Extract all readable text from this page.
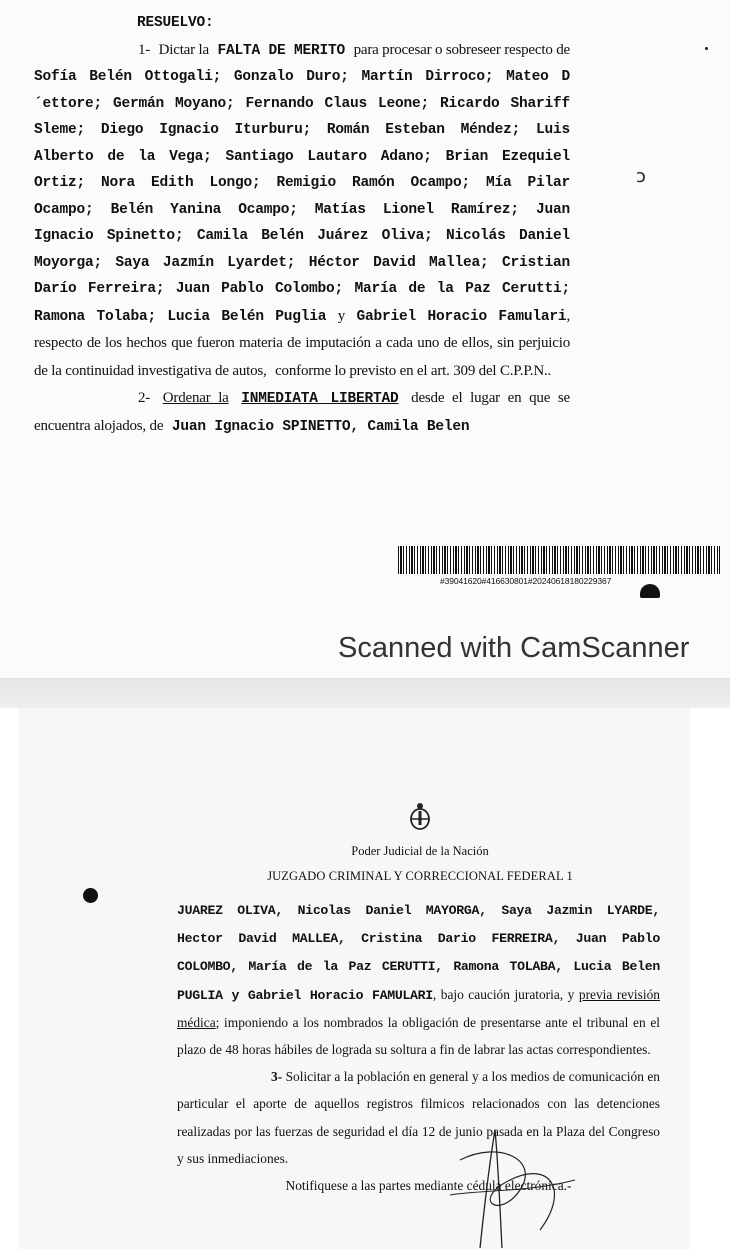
ↄ
RESUELVO:
1- Dictar la FALTA DE MERITO para procesar o sobreseer respecto de Sofía Belén Ottogali; Gonzalo Duro; Martín Dirroco; Mateo D´ettore; Germán Moyano; Fernando Claus Leone; Ricardo Shariff Sleme; Diego Ignacio Iturburu; Román Esteban Méndez; Luis Alberto de la Vega; Santiago Lautaro Adano; Brian Ezequiel Ortiz; Nora Edith Longo; Remigio Ramón Ocampo; Mía Pilar Ocampo; Belén Yanina Ocampo; Matías Lionel Ramírez; Juan Ignacio Spinetto; Camila Belén Juárez Oliva; Nicolás Daniel Moyorga; Saya Jazmín Lyardet; Héctor David Mallea; Cristian Darío Ferreira; Juan Pablo Colombo; María de la Paz Cerutti; Ramona Tolaba; Lucia Belén Puglia y Gabriel Horacio Famulari, respecto de los hechos que fueron materia de imputación a cada uno de ellos, sin perjuicio de la continuidad investigativa de autos, conforme lo previsto en el art. 309 del C.P.P.N..
2- Ordenar la INMEDIATA LIBERTAD desde el lugar en que se encuentra alojados, de Juan Ignacio SPINETTO, Camila Belen
#39041620#416630801#20240618180229367
Scanned with CamScanner
Poder Judicial de la Nación
JUZGADO CRIMINAL Y CORRECCIONAL FEDERAL 1
JUAREZ OLIVA, Nicolas Daniel MAYORGA, Saya Jazmin LYARDE, Hector David MALLEA, Cristina Dario FERREIRA, Juan Pablo COLOMBO, María de la Paz CERUTTI, Ramona TOLABA, Lucia Belen PUGLIA y Gabriel Horacio FAMULARI, bajo caución juratoria, y previa revisión médica; imponiendo a los nombrados la obligación de presentarse ante el tribunal en el plazo de 48 horas hábiles de lograda su soltura a fin de labrar las actas correspondientes.
3- Solicitar a la población en general y a los medios de comunicación en particular el aporte de aquellos registros filmicos relacionados con las detenciones realizadas por las fuerzas de seguridad el día 12 de junio pasada en la Plaza del Congreso y sus inmediaciones.
Notifiquese a las partes mediante cédula electrónica.-
